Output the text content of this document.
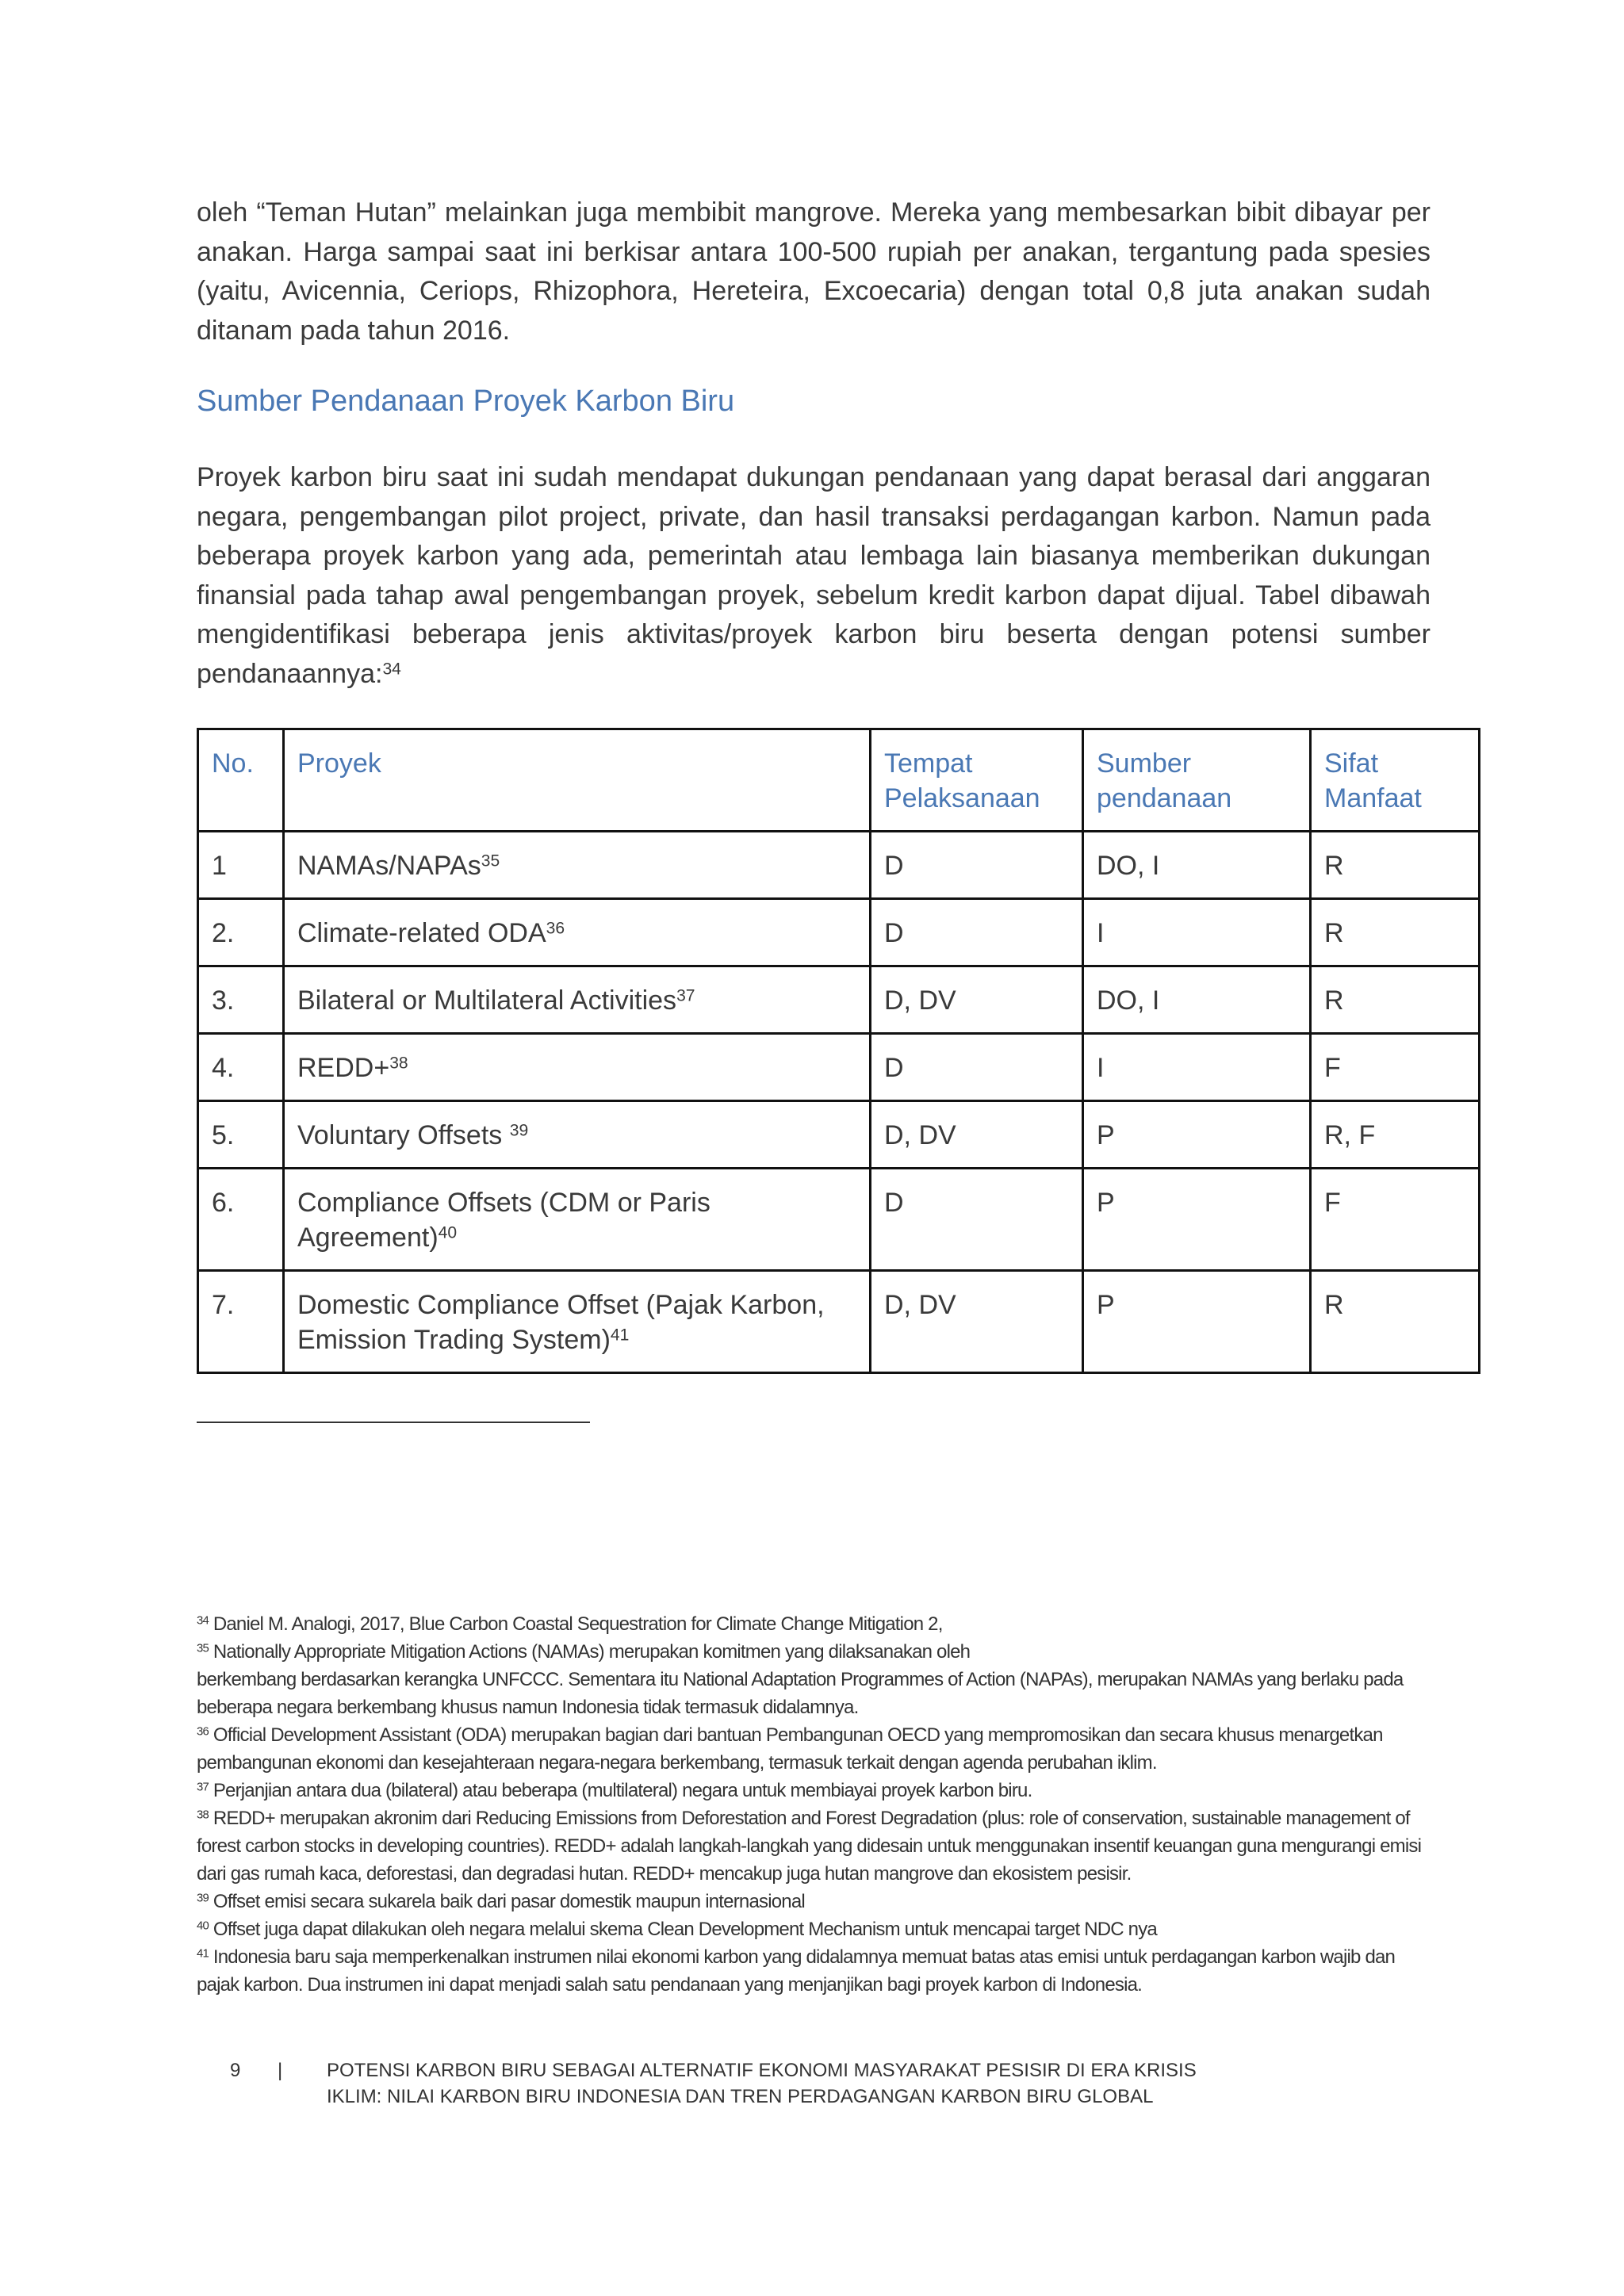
oleh “Teman Hutan” melainkan juga membibit mangrove. Mereka yang membesarkan bibit dibayar per anakan. Harga sampai saat ini berkisar antara 100-500 rupiah per anakan, tergantung pada spesies (yaitu, Avicennia, Ceriops, Rhizophora, Hereteira, Excoecaria) dengan total 0,8 juta anakan sudah ditanam pada tahun 2016.

Sumber Pendanaan Proyek Karbon Biru

Proyek karbon biru saat ini sudah mendapat dukungan pendanaan yang dapat berasal dari anggaran negara, pengembangan pilot project, private, dan hasil transaksi perdagangan karbon. Namun pada beberapa proyek karbon yang ada, pemerintah atau lembaga lain biasanya memberikan dukungan finansial pada tahap awal pengembangan proyek, sebelum kredit karbon dapat dijual. Tabel dibawah mengidentifikasi beberapa jenis aktivitas/proyek karbon biru beserta dengan potensi sumber pendanaannya:$^{34}$

No.	Proyek	Tempat Pelaksanaan	Sumber pendanaan	Sifat Manfaat
1	NAMAs/NAPAs$^{35}$	D	DO, I	R
2.	Climate-related ODA$^{36}$	D	I	R
3.	Bilateral or Multilateral Activities$^{37}$	D, DV	DO, I	R
4.	REDD+$^{38}$	D	I	F
5.	Voluntary Offsets $^{39}$	D, DV	P	R, F
6.	Compliance Offsets (CDM or Paris Agreement)$^{40}$	D	P	F
7.	Domestic Compliance Offset (Pajak Karbon, Emission Trading System)$^{41}$	D, DV	P	R

$^{34}$ Daniel M. Analogi, 2017, Blue Carbon Coastal Sequestration for Climate Change Mitigation 2,

$^{35}$ Nationally Appropriate Mitigation Actions (NAMAs) merupakan komitmen yang dilaksanakan oleh

berkembang berdasarkan kerangka UNFCCC. Sementara itu National Adaptation Programmes of Action (NAPAs), merupakan NAMAs yang berlaku pada beberapa negara berkembang khusus namun Indonesia tidak termasuk didalamnya.

$^{36}$ Official Development Assistant (ODA) merupakan bagian dari bantuan Pembangunan OECD yang mempromosikan dan secara khusus menargetkan pembangunan ekonomi dan kesejahteraan negara-negara berkembang, termasuk terkait dengan agenda perubahan iklim.

$^{37}$ Perjanjian antara dua (bilateral) atau beberapa (multilateral) negara untuk membiayai proyek karbon biru.

$^{38}$ REDD+ merupakan akronim dari Reducing Emissions from Deforestation and Forest Degradation (plus: role of conservation, sustainable management of forest carbon stocks in developing countries). REDD+ adalah langkah-langkah yang didesain untuk menggunakan insentif keuangan guna mengurangi emisi dari gas rumah kaca, deforestasi, dan degradasi hutan. REDD+ mencakup juga hutan mangrove dan ekosistem pesisir.

$^{39}$ Offset emisi secara sukarela baik dari pasar domestik maupun internasional

$^{40}$ Offset juga dapat dilakukan oleh negara melalui skema Clean Development Mechanism untuk mencapai target NDC nya

$^{41}$ Indonesia baru saja memperkenalkan instrumen nilai ekonomi karbon yang didalamnya memuat batas atas emisi untuk perdagangan karbon wajib dan pajak karbon. Dua instrumen ini dapat menjadi salah satu pendanaan yang menjanjikan bagi proyek karbon di Indonesia.

9	| POTENSI KARBON BIRU SEBAGAI ALTERNATIF EKONOMI MASYARAKAT PESISIR DI ERA KRISIS
IKLIM: NILAI KARBON BIRU INDONESIA DAN TREN PERDAGANGAN KARBON BIRU GLOBAL
